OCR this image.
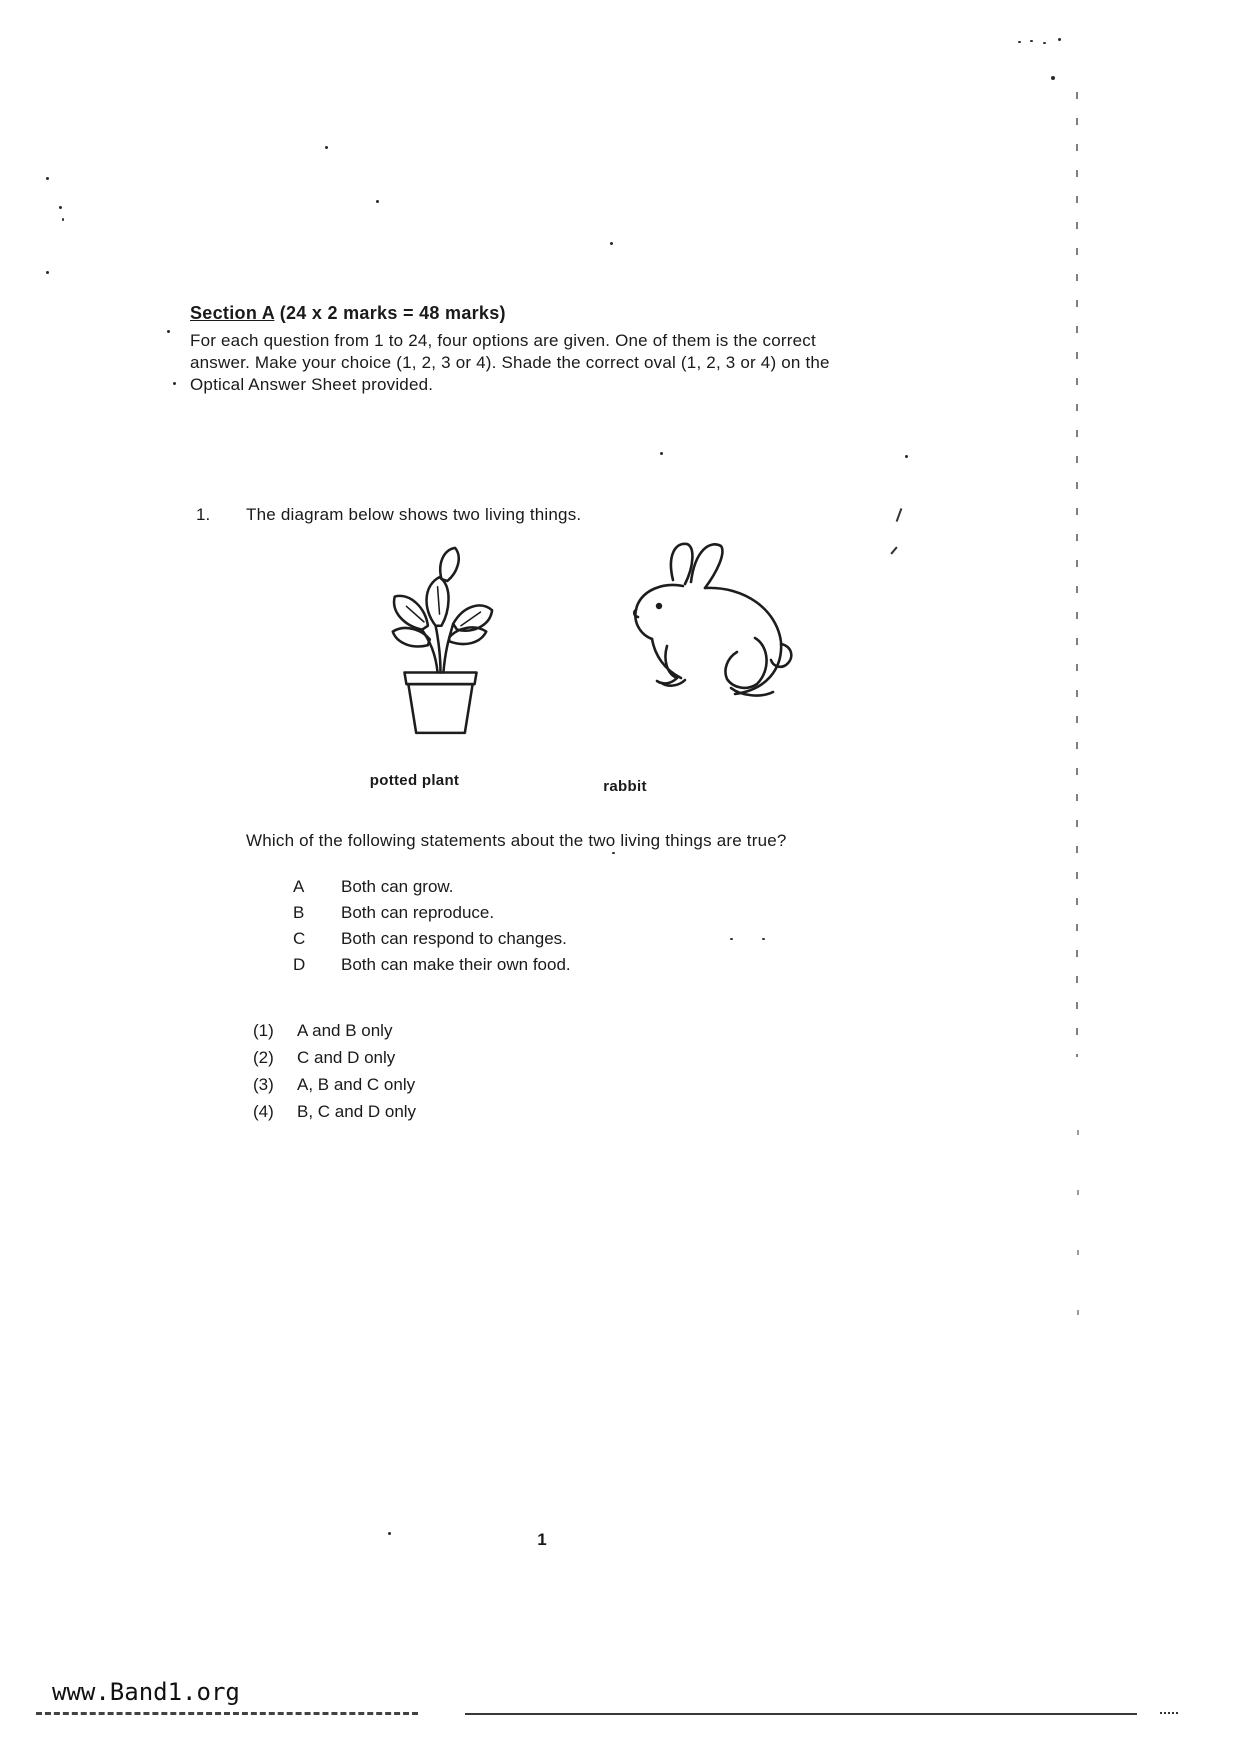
Section A (24 x 2 marks = 48 marks)
For each question from 1 to 24, four options are given. One of them is the correct
answer. Make your choice (1, 2, 3 or 4). Shade the correct oval (1, 2, 3 or 4) on the
Optical Answer Sheet provided.
1. The diagram below shows two living things.
potted plant	rabbit
Which of the following statements about the two living things are true?
A	Both can grow.
B	Both can reproduce.
C	Both can respond to changes.
D	Both can make their own food.
(1)	A and B only
(2)	C and D only
(3)	A, B and C only
(4)	B, C and D only
1
www.Band1.org
